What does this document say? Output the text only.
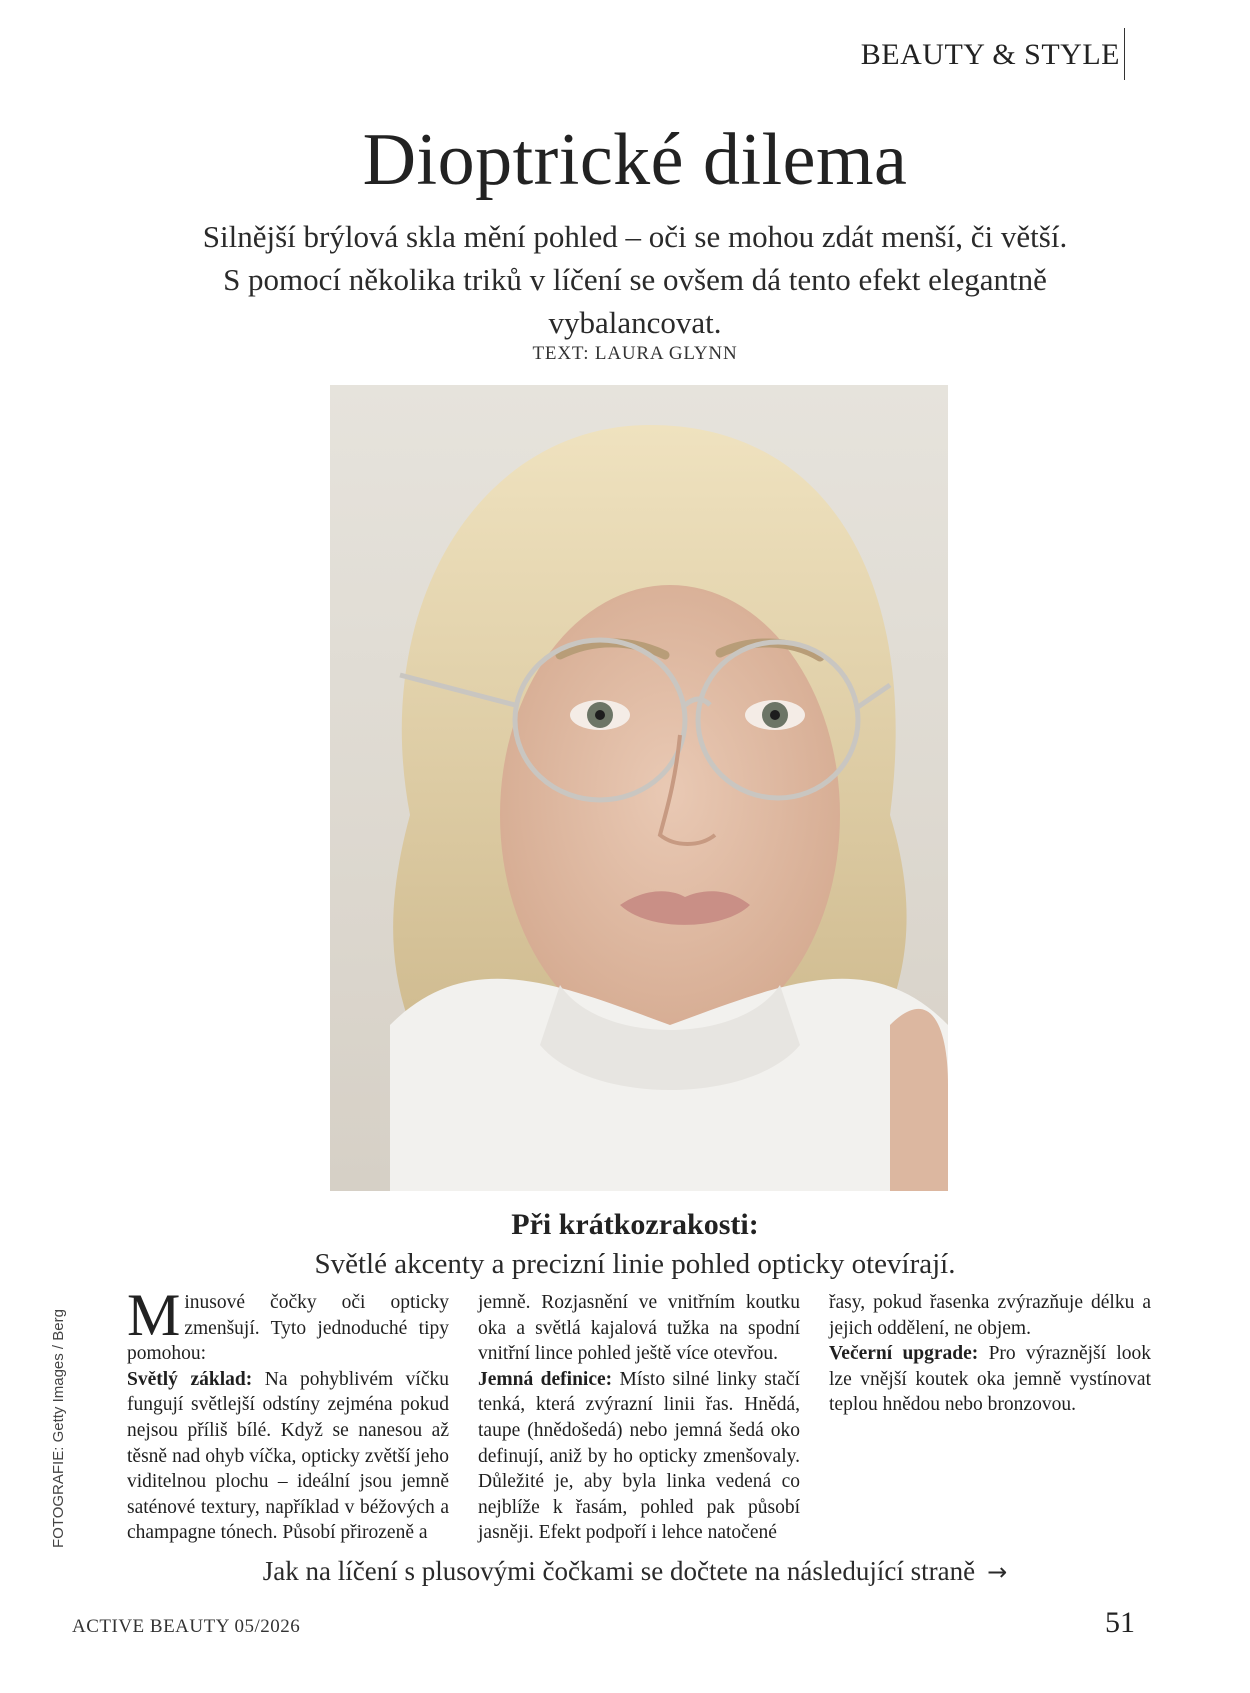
BEAUTY & STYLE
Dioptrické dilema
Silnější brýlová skla mění pohled – oči se mohou zdát menší, či větší. S pomocí několika triků v líčení se ovšem dá tento efekt elegantně vybalancovat.
TEXT: LAURA GLYNN
Při krátkozrakosti:
Světlé akcenty a precizní linie pohled opticky otevírají.
FOTOGRAFIE: Getty Images / Berg Minusové čočky oči opticky zmenšují. Tyto jednoduché tipy pomohou:

Světlý základ: Na pohyblivém víčku fungují světlejší odstíny zejména pokud nejsou příliš bílé. Když se nanesou až těsně nad ohyb víčka, opticky zvětší jeho viditelnou plochu – ideální jsou jemně saténové textury, například v béžových a champagne tónech. Působí přirozeně a

jemně. Rozjasnění ve vnitřním koutku oka a světlá kajalová tužka na spodní vnitřní lince pohled ještě více otevřou.

Jemná definice: Místo silné linky stačí tenká, která zvýrazní linii řas. Hnědá, taupe (hnědošedá) nebo jemná šedá oko definují, aniž by ho opticky zmenšovaly. Důležité je, aby byla linka vedená co nejblíže k řasám, pohled pak působí jasněji. Efekt podpoří i lehce natočené

řasy, pokud řasenka zvýrazňuje délku a jejich oddělení, ne objem.

Večerní upgrade: Pro výraznější look lze vnější koutek oka jemně vystínovat teplou hnědou nebo bronzovou.

Jak na líčení s plusovými čočkami se dočtete na následující straně →
ACTIVE BEAUTY 05/2026	51
